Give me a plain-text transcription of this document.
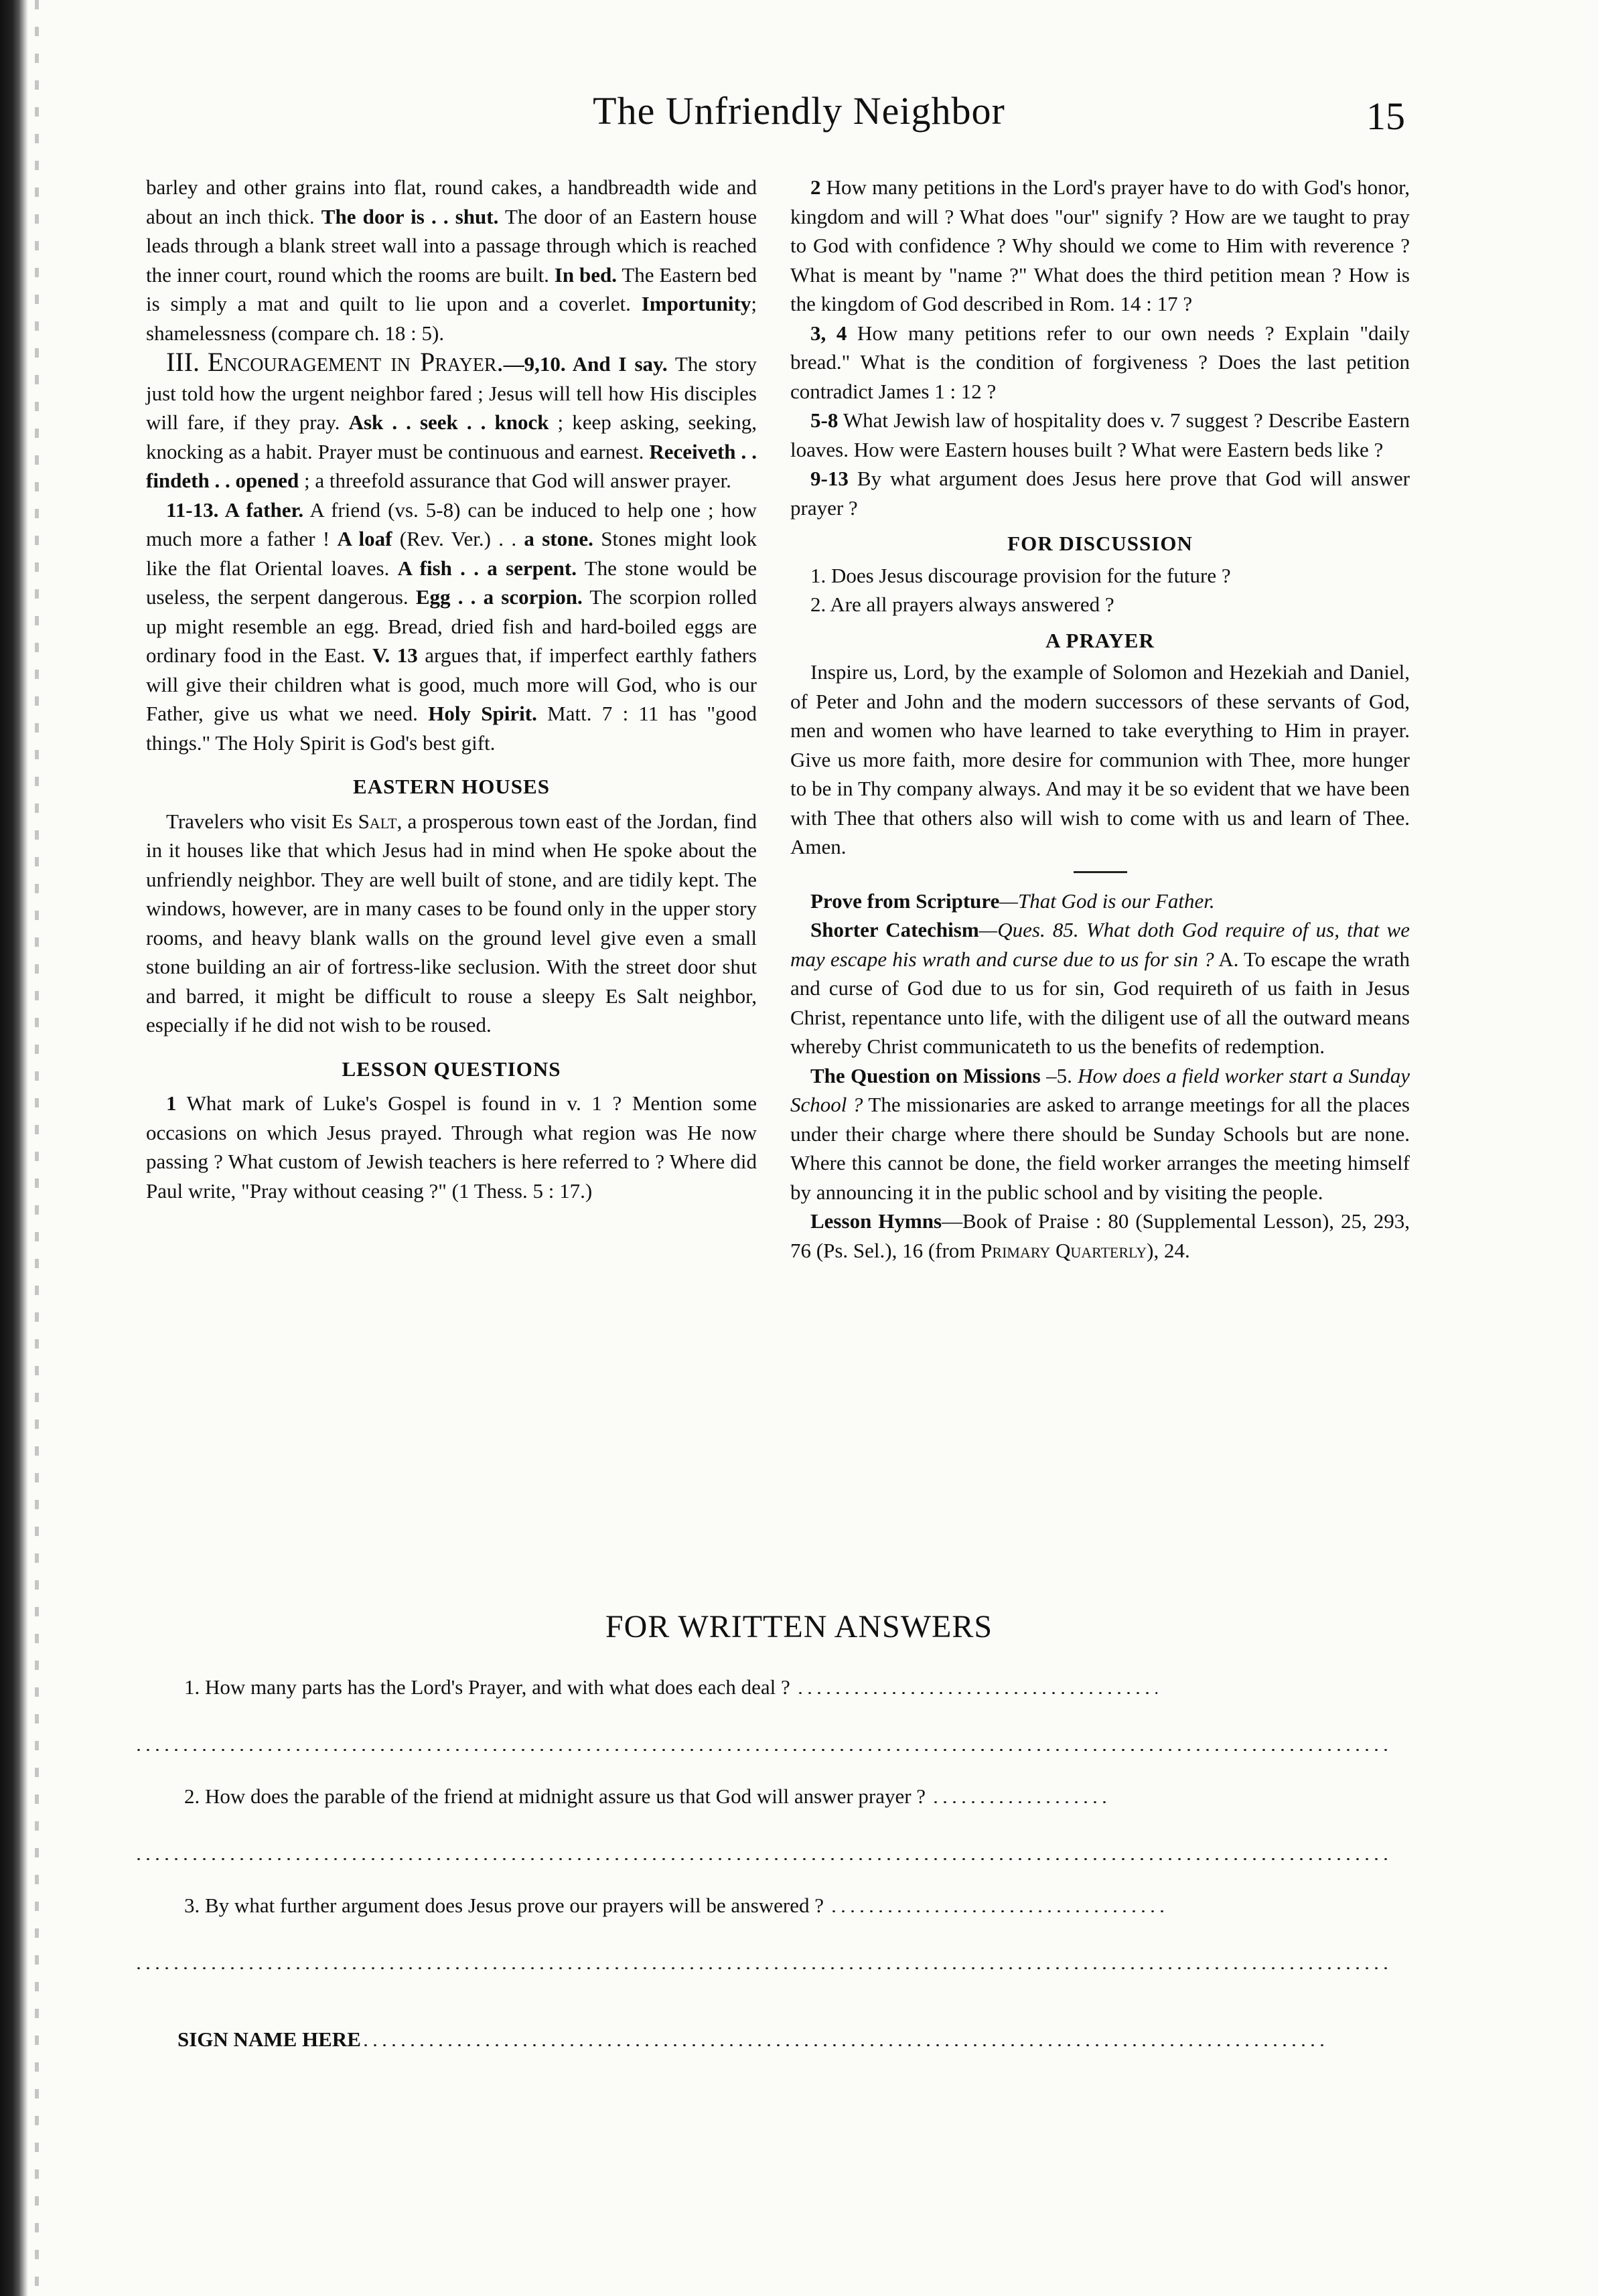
The Unfriendly Neighbor	15

barley and other grains into flat, round cakes, a handbreadth wide and about an inch thick. The door is . . shut. The door of an Eastern house leads through a blank street wall into a passage through which is reached the inner court, round which the rooms are built. In bed. The Eastern bed is simply a mat and quilt to lie upon and a coverlet. Importunity; shamelessness (compare ch. 18 : 5).

III. Encouragement in Prayer.—9,10. And I say. The story just told how the urgent neighbor fared ; Jesus will tell how His disciples will fare, if they pray. Ask . . seek . . knock ; keep asking, seeking, knocking as a habit. Prayer must be continuous and earnest. Receiveth . . findeth . . opened ; a threefold assurance that God will answer prayer.

11-13. A father. A friend (vs. 5-8) can be induced to help one ; how much more a father ! A loaf (Rev. Ver.) . . a stone. Stones might look like the flat Oriental loaves. A fish . . a serpent. The stone would be useless, the serpent dangerous. Egg . . a scorpion. The scorpion rolled up might resemble an egg. Bread, dried fish and hard-boiled eggs are ordinary food in the East. V. 13 argues that, if imperfect earthly fathers will give their children what is good, much more will God, who is our Father, give us what we need. Holy Spirit. Matt. 7 : 11 has "good things." The Holy Spirit is God's best gift.

EASTERN HOUSES

Travelers who visit Es Salt, a prosperous town east of the Jordan, find in it houses like that which Jesus had in mind when He spoke about the unfriendly neighbor. They are well built of stone, and are tidily kept. The windows, however, are in many cases to be found only in the upper story rooms, and heavy blank walls on the ground level give even a small stone building an air of fortress-like seclusion. With the street door shut and barred, it might be difficult to rouse a sleepy Es Salt neighbor, especially if he did not wish to be roused.

LESSON QUESTIONS

1 What mark of Luke's Gospel is found in v. 1 ? Mention some occasions on which Jesus prayed. Through what region was He now passing ? What custom of Jewish teachers is here referred to ? Where did Paul write, "Pray without ceasing ?" (1 Thess. 5 : 17.)

2 How many petitions in the Lord's prayer have to do with God's honor, kingdom and will ? What does "our" signify ? How are we taught to pray to God with confidence ? Why should we come to Him with reverence ? What is meant by "name ?" What does the third petition mean ? How is the kingdom of God described in Rom. 14 : 17 ?

3, 4 How many petitions refer to our own needs ? Explain "daily bread." What is the condition of forgiveness ? Does the last petition contradict James 1 : 12 ?

5-8 What Jewish law of hospitality does v. 7 suggest ? Describe Eastern loaves. How were Eastern houses built ? What were Eastern beds like ?

9-13 By what argument does Jesus here prove that God will answer prayer ?

FOR DISCUSSION

1. Does Jesus discourage provision for the future ?

2. Are all prayers always answered ?

A PRAYER

Inspire us, Lord, by the example of Solomon and Hezekiah and Daniel, of Peter and John and the modern successors of these servants of God, men and women who have learned to take everything to Him in prayer. Give us more faith, more desire for communion with Thee, more hunger to be in Thy company always. And may it be so evident that we have been with Thee that others also will wish to come with us and learn of Thee. Amen.

Prove from Scripture—That God is our Father.

Shorter Catechism—Ques. 85. What doth God require of us, that we may escape his wrath and curse due to us for sin ? A. To escape the wrath and curse of God due to us for sin, God requireth of us faith in Jesus Christ, repentance unto life, with the diligent use of all the outward means whereby Christ communicateth to us the benefits of redemption.

The Question on Missions –5. How does a field worker start a Sunday School ? The missionaries are asked to arrange meetings for all the places under their charge where there should be Sunday Schools but are none. Where this cannot be done, the field worker arranges the meeting himself by announcing it in the public school and by visiting the people.

Lesson Hymns—Book of Praise : 80 (Supplemental Lesson), 25, 293, 76 (Ps. Sel.), 16 (from Primary Quarterly), 24.

FOR WRITTEN ANSWERS
1. How many parts has the Lord's Prayer, and with what does each deal ?
2. How does the parable of the friend at midnight assure us that God will answer prayer ?
3. By what further argument does Jesus prove our prayers will be answered ?
SIGN NAME HERE
